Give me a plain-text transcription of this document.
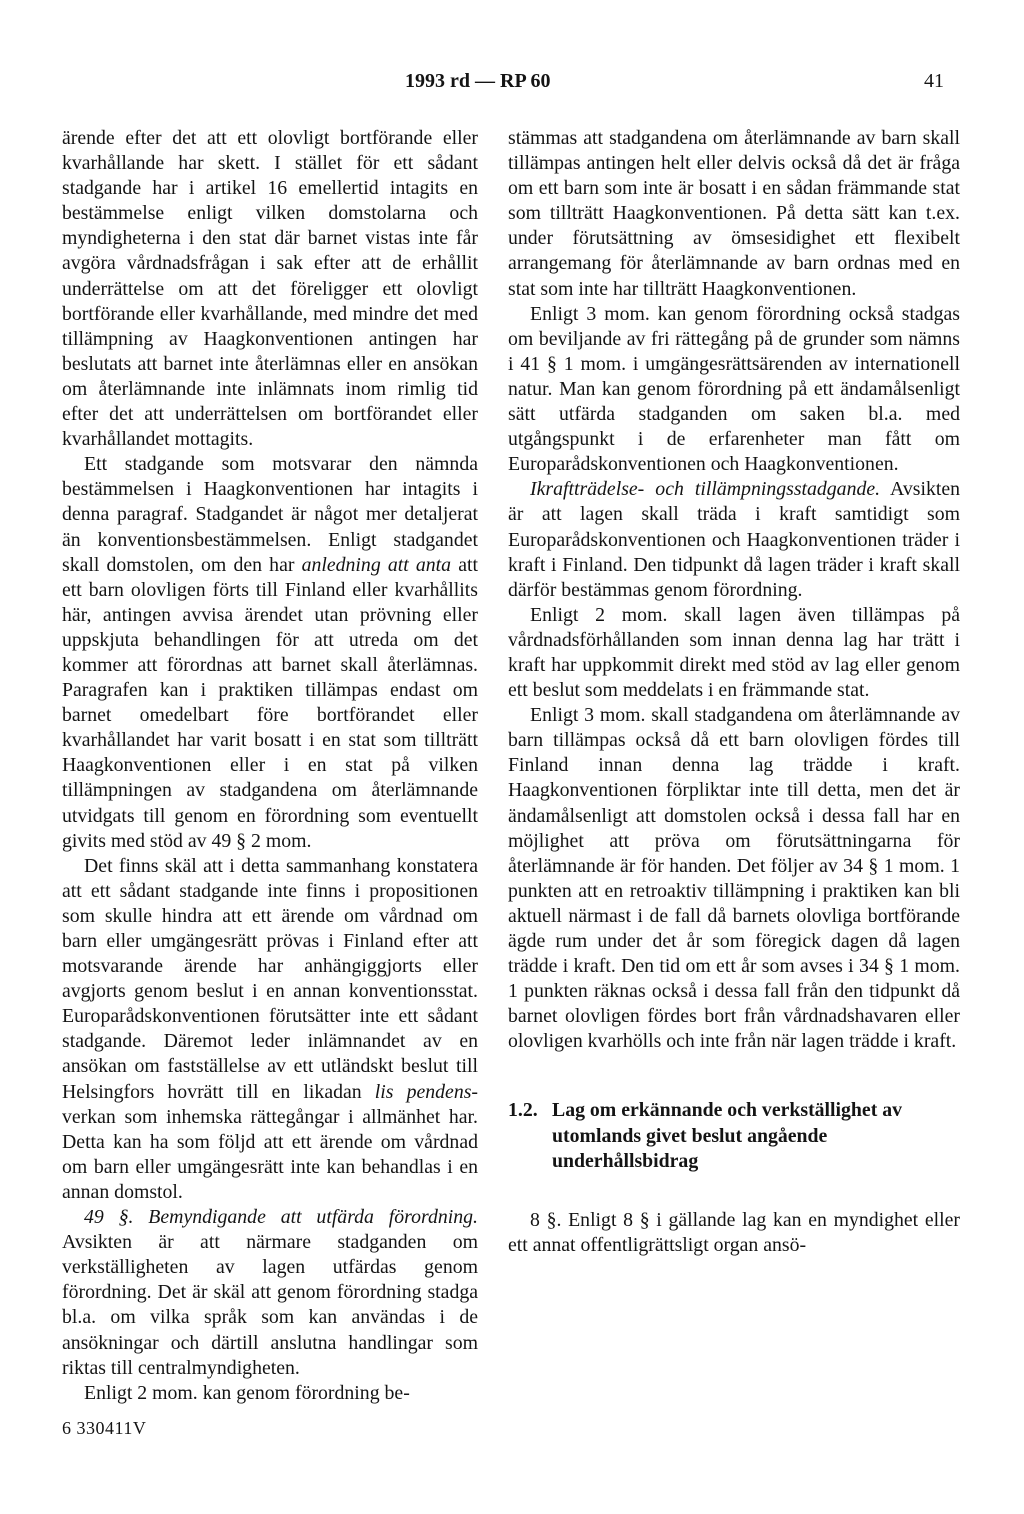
1993 rd — RP 60	41

ärende efter det att ett olovligt bortförande eller kvarhållande har skett. I stället för ett sådant stadgande har i artikel 16 emellertid intagits en bestämmelse enligt vilken domstolarna och myndigheterna i den stat där barnet vistas inte får avgöra vårdnadsfrågan i sak efter att de erhållit underrättelse om att det föreligger ett olovligt bortförande eller kvarhållande, med mindre det med tillämpning av Haagkonventionen antingen har beslutats att barnet inte återlämnas eller en ansökan om återlämnande inte inlämnats inom rimlig tid efter det att underrättelsen om bortförandet eller kvarhållandet mottagits.

Ett stadgande som motsvarar den nämnda bestämmelsen i Haagkonventionen har intagits i denna paragraf. Stadgandet är något mer detaljerat än konventionsbestämmelsen. Enligt stadgandet skall domstolen, om den har anledning att anta att ett barn olovligen förts till Finland eller kvarhållits här, antingen avvisa ärendet utan prövning eller uppskjuta behandlingen för att utreda om det kommer att förordnas att barnet skall återlämnas. Paragrafen kan i praktiken tillämpas endast om barnet omedelbart före bortförandet eller kvarhållandet har varit bosatt i en stat som tillträtt Haagkonventionen eller i en stat på vilken tillämpningen av stadgandena om återlämnande utvidgats till genom en förordning som eventuellt givits med stöd av 49 § 2 mom.

Det finns skäl att i detta sammanhang konstatera att ett sådant stadgande inte finns i propositionen som skulle hindra att ett ärende om vårdnad om barn eller umgängesrätt prövas i Finland efter att motsvarande ärende har anhängiggjorts eller avgjorts genom beslut i en annan konventionsstat. Europarådskonventionen förutsätter inte ett sådant stadgande. Däremot leder inlämnandet av en ansökan om fastställelse av ett utländskt beslut till Helsingfors hovrätt till en likadan lis pendens-verkan som inhemska rättegångar i allmänhet har. Detta kan ha som följd att ett ärende om vårdnad om barn eller umgängesrätt inte kan behandlas i en annan domstol.

49 §. Bemyndigande att utfärda förordning. Avsikten är att närmare stadganden om verkställigheten av lagen utfärdas genom förordning. Det är skäl att genom förordning stadga bl.a. om vilka språk som kan användas i de ansökningar och därtill anslutna handlingar som riktas till centralmyndigheten.

Enligt 2 mom. kan genom förordning be-

stämmas att stadgandena om återlämnande av barn skall tillämpas antingen helt eller delvis också då det är fråga om ett barn som inte är bosatt i en sådan främmande stat som tillträtt Haagkonventionen. På detta sätt kan t.ex. under förutsättning av ömsesidighet ett flexibelt arrangemang för återlämnande av barn ordnas med en stat som inte har tillträtt Haagkonventionen.

Enligt 3 mom. kan genom förordning också stadgas om beviljande av fri rättegång på de grunder som nämns i 41 § 1 mom. i umgängesrättsärenden av internationell natur. Man kan genom förordning på ett ändamålsenligt sätt utfärda stadganden om saken bl.a. med utgångspunkt i de erfarenheter man fått om Europarådskonventionen och Haagkonventionen.

Ikraftträdelse- och tillämpningsstadgande. Avsikten är att lagen skall träda i kraft samtidigt som Europarådskonventionen och Haagkonventionen träder i kraft i Finland. Den tidpunkt då lagen träder i kraft skall därför bestämmas genom förordning.

Enligt 2 mom. skall lagen även tillämpas på vårdnadsförhållanden som innan denna lag har trätt i kraft har uppkommit direkt med stöd av lag eller genom ett beslut som meddelats i en främmande stat.

Enligt 3 mom. skall stadgandena om återlämnande av barn tillämpas också då ett barn olovligen fördes till Finland innan denna lag trädde i kraft. Haagkonventionen förpliktar inte till detta, men det är ändamålsenligt att domstolen också i dessa fall har en möjlighet att pröva om förutsättningarna för återlämnande är för handen. Det följer av 34 § 1 mom. 1 punkten att en retroaktiv tillämpning i praktiken kan bli aktuell närmast i de fall då barnets olovliga bortförande ägde rum under det år som föregick dagen då lagen trädde i kraft. Den tid om ett år som avses i 34 § 1 mom. 1 punkten räknas också i dessa fall från den tidpunkt då barnet olovligen fördes bort från vårdnadshavaren eller olovligen kvarhölls och inte från när lagen trädde i kraft.

1.2. Lag om erkännande och verkställighet av utomlands givet beslut angående underhållsbidrag

8 §. Enligt 8 § i gällande lag kan en myndighet eller ett annat offentligrättsligt organ ansö-

6 330411V
